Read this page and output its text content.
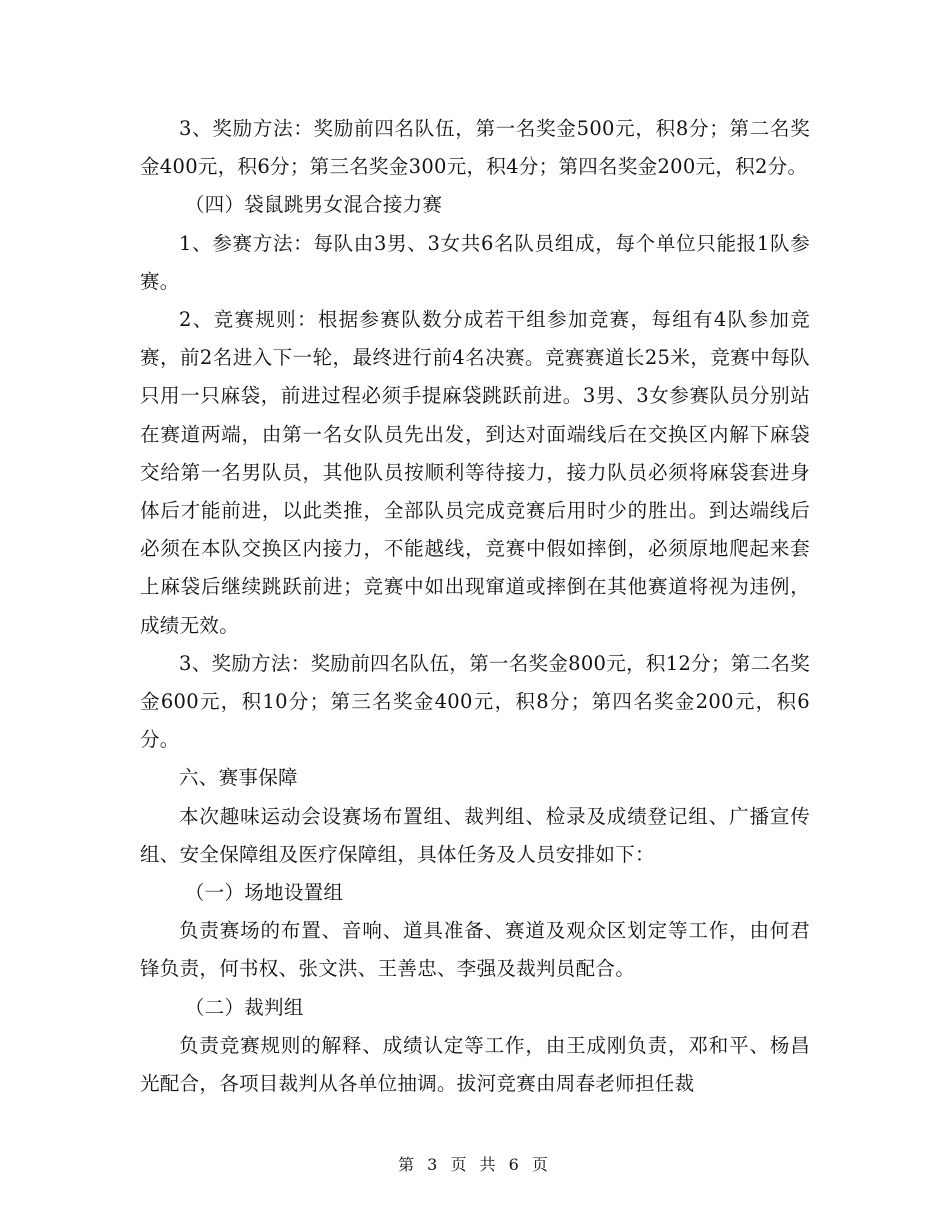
3、奖励方法：奖励前四名队伍，第一名奖金500元，积8分；第二名奖金400元，积6分；第三名奖金300元，积4分；第四名奖金200元，积2分。

（四）袋鼠跳男女混合接力赛

1、参赛方法：每队由3男、3女共6名队员组成，每个单位只能报1队参赛。

2、竞赛规则：根据参赛队数分成若干组参加竞赛，每组有4队参加竞赛，前2名进入下一轮，最终进行前4名决赛。竞赛赛道长25米，竞赛中每队只用一只麻袋，前进过程必须手提麻袋跳跃前进。3男、3女参赛队员分别站在赛道两端，由第一名女队员先出发，到达对面端线后在交换区内解下麻袋交给第一名男队员，其他队员按顺利等待接力，接力队员必须将麻袋套进身体后才能前进，以此类推，全部队员完成竞赛后用时少的胜出。到达端线后必须在本队交换区内接力，不能越线，竞赛中假如摔倒，必须原地爬起来套上麻袋后继续跳跃前进；竞赛中如出现窜道或摔倒在其他赛道将视为违例，成绩无效。

3、奖励方法：奖励前四名队伍，第一名奖金800元，积12分；第二名奖金600元，积10分；第三名奖金400元，积8分；第四名奖金200元，积6分。

六、赛事保障

本次趣味运动会设赛场布置组、裁判组、检录及成绩登记组、广播宣传组、安全保障组及医疗保障组，具体任务及人员安排如下：

（一）场地设置组

负责赛场的布置、音响、道具准备、赛道及观众区划定等工作，由何君锋负责，何书权、张文洪、王善忠、李强及裁判员配合。

（二）裁判组

负责竞赛规则的解释、成绩认定等工作，由王成刚负责，邓和平、杨昌光配合，各项目裁判从各单位抽调。拔河竞赛由周春老师担任裁

第 3 页 共 6 页
